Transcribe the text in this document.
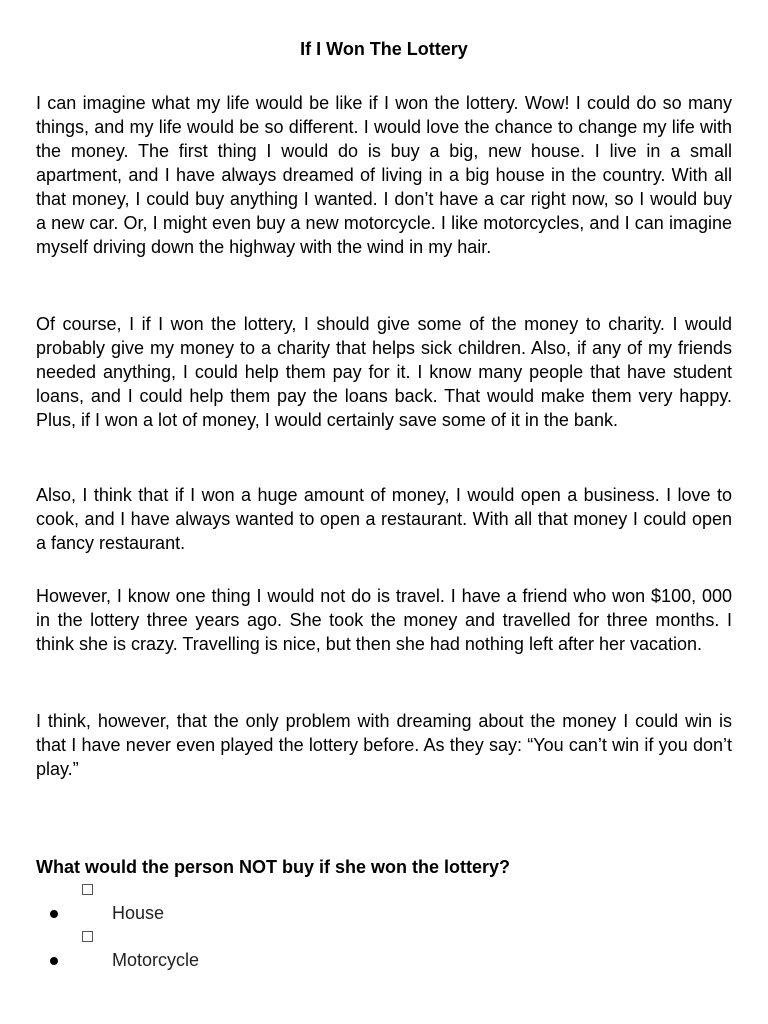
If I Won The Lottery

I can imagine what my life would be like if I won the lottery. Wow! I could do so many things, and my life would be so different. I would love the chance to change my life with the money. The first thing I would do is buy a big, new house. I live in a small apartment, and I have always dreamed of living in a big house in the country. With all that money, I could buy anything I wanted. I don’t have a car right now, so I would buy a new car. Or, I might even buy a new motorcycle. I like motorcycles, and I can imagine myself driving down the highway with the wind in my hair.

Of course, I if I won the lottery, I should give some of the money to charity. I would probably give my money to a charity that helps sick children. Also, if any of my friends needed anything, I could help them pay for it. I know many people that have student loans, and I could help them pay the loans back. That would make them very happy. Plus, if I won a lot of money, I would certainly save some of it in the bank.

Also, I think that if I won a huge amount of money, I would open a business. I love to cook, and I have always wanted to open a restaurant. With all that money I could open a fancy restaurant.

However, I know one thing I would not do is travel. I have a friend who won $100, 000 in the lottery three years ago. She took the money and travelled for three months. I think she is crazy. Travelling is nice, but then she had nothing left after her vacation.

I think, however, that the only problem with dreaming about the money I could win is that I have never even played the lottery before. As they say: “You can’t win if you don’t play.”

What would the person NOT buy if she won the lottery?
House
Motorcycle
